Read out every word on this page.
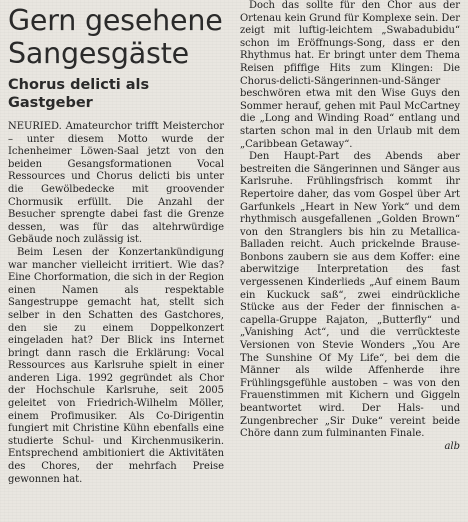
Gern gesehene Sangesgäste
Chorus delicti als Gastgeber

NEURIED. Amateurchor trifft Meisterchor – unter diesem Motto wurde der Ichenheimer Löwen-Saal jetzt von den beiden Gesangsformationen Vocal Ressources und Chorus delicti bis unter die Gewölbedecke mit groovender Chormusik erfüllt. Die Anzahl der Besucher sprengte dabei fast die Grenze dessen, was für das altehrwürdige Gebäude noch zulässig ist.

Beim Lesen der Konzertankündigung war mancher vielleicht irritiert. Wie das? Eine Chorformation, die sich in der Region einen Namen als respektable Sangestruppe gemacht hat, stellt sich selber in den Schatten des Gastchores, den sie zu einem Doppelkonzert eingeladen hat? Der Blick ins Internet bringt dann rasch die Erklärung: Vocal Ressources aus Karlsruhe spielt in einer anderen Liga. 1992 gegründet als Chor der Hochschule Karlsruhe, seit 2005 geleitet von Friedrich-Wilhelm Möller, einem Profimusiker. Als Co-Dirigentin fungiert mit Christine Kühn ebenfalls eine studierte Schul- und Kirchenmusikerin. Entsprechend ambitioniert die Aktivitäten des Chores, der mehrfach Preise gewonnen hat.

Doch das sollte für den Chor aus der Ortenau kein Grund für Komplexe sein. Der zeigt mit luftig-leichtem „Swabadubidu“ schon im Eröffnungs-Song, dass er den Rhythmus hat. Er bringt unter dem Thema Reisen pfiffige Hits zum Klingen: Die Chorus-delicti-Sängerinnen-und-Sänger beschwören etwa mit den Wise Guys den Sommer herauf, gehen mit Paul McCartney die „Long and Winding Road“ entlang und starten schon mal in den Urlaub mit dem „Caribbean Getaway“.

Den Haupt-Part des Abends aber bestreiten die Sängerinnen und Sänger aus Karlsruhe. Frühlingsfrisch kommt ihr Repertoire daher, das vom Gospel über Art Garfunkels „Heart in New York“ und dem rhythmisch ausgefallenen „Golden Brown“ von den Stranglers bis hin zu Metallica-Balladen reicht. Auch prickelnde Brause-Bonbons zaubern sie aus dem Koffer: eine aberwitzige Interpretation des fast vergessenen Kinderlieds „Auf einem Baum ein Kuckuck saß“, zwei eindrückliche Stücke aus der Feder der finnischen a-capella-Gruppe Rajaton, „Butterfly“ und „Vanishing Act“, und die verrückteste Versionen von Stevie Wonders „You Are The Sunshine Of My Life“, bei dem die Männer als wilde Affenherde ihre Frühlingsgefühle austoben – was von den Frauenstimmen mit Kichern und Giggeln beantwortet wird. Der Hals- und Zungenbrecher „Sir Duke“ vereint beide Chöre dann zum fulminanten Finale.

alb
